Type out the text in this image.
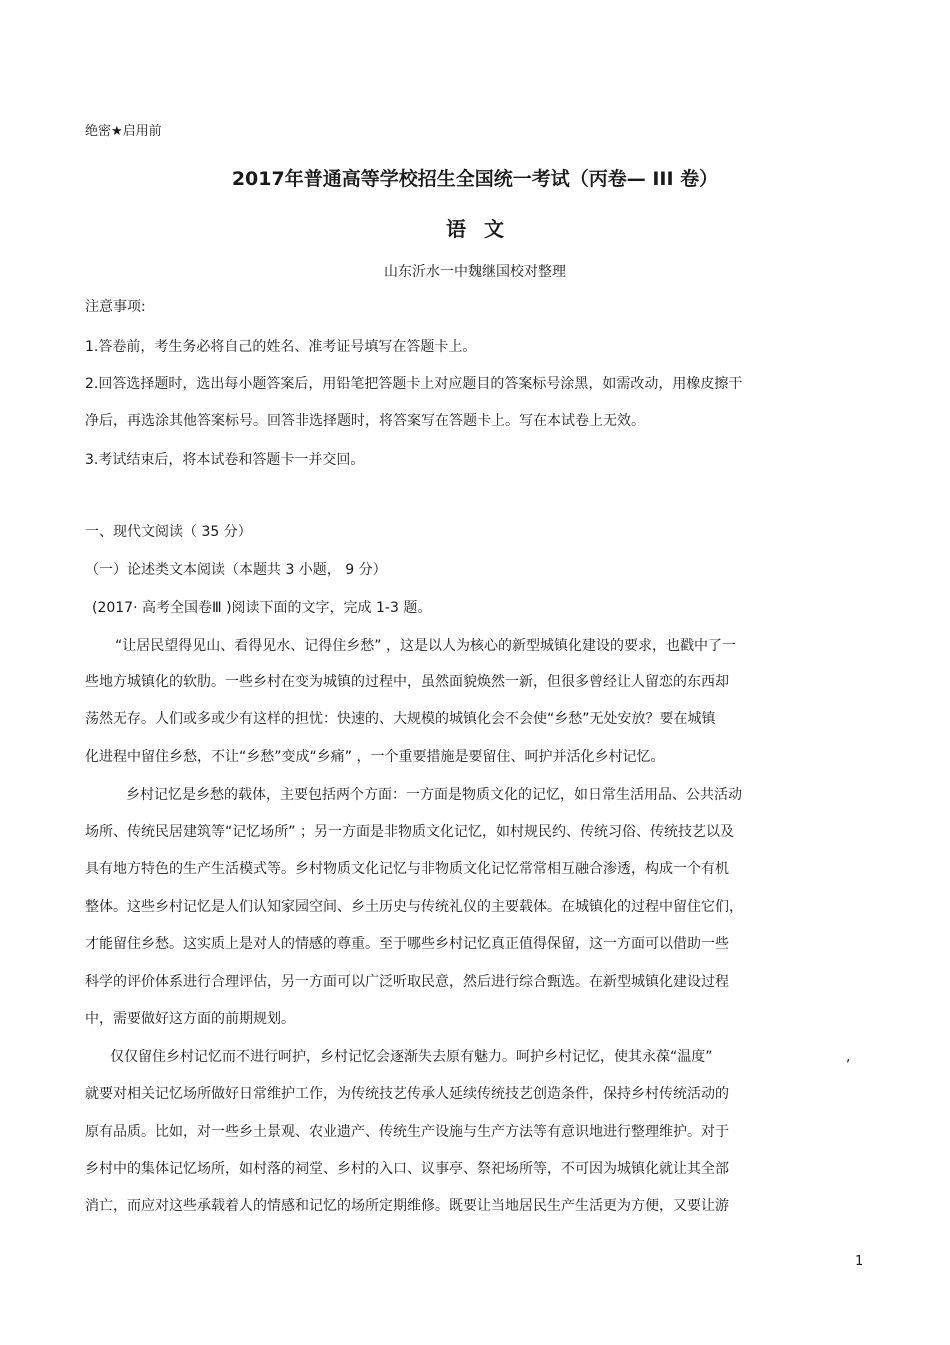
绝密★启用前

2017年普通高等学校招生全国统一考试（丙卷— III 卷）
语文

山东沂水一中魏继国校对整理

注意事项:

1.答卷前，考生务必将自己的姓名、准考证号填写在答题卡上。

2.回答选择题时，选出每小题答案后，用铅笔把答题卡上对应题目的答案标号涂黑，如需改动，用橡皮擦干

净后，再选涂其他答案标号。回答非选择题时，将答案写在答题卡上。写在本试卷上无效。

3.考试结束后，将本试卷和答题卡一并交回。

一、现代文阅读（ 35 分）

（一）论述类文本阅读（本题共 3 小题， 9 分）

(2017· 高考全国卷Ⅲ )阅读下面的文字，完成 1-3 题。

“让居民望得见山、看得见水、记得住乡愁” ，这是以人为核心的新型城镇化建设的要求，也戳中了一

些地方城镇化的软肋。一些乡村在变为城镇的过程中，虽然面貌焕然一新，但很多曾经让人留恋的东西却

荡然无存。人们或多或少有这样的担忧：快速的、大规模的城镇化会不会使“乡愁”无处安放？要在城镇

化进程中留住乡愁，不让“乡愁”变成“乡痛” ，一个重要措施是要留住、呵护并活化乡村记忆。

乡村记忆是乡愁的载体，主要包括两个方面：一方面是物质文化的记忆，如日常生活用品、公共活动

场所、传统民居建筑等“记忆场所” ；另一方面是非物质文化记忆，如村规民约、传统习俗、传统技艺以及

具有地方特色的生产生活模式等。乡村物质文化记忆与非物质文化记忆常常相互融合渗透，构成一个有机

整体。这些乡村记忆是人们认知家园空间、乡土历史与传统礼仪的主要载体。在城镇化的过程中留住它们，

才能留住乡愁。这实质上是对人的情感的尊重。至于哪些乡村记忆真正值得保留，这一方面可以借助一些

科学的评价体系进行合理评估，另一方面可以广泛听取民意，然后进行综合甄选。在新型城镇化建设过程

中，需要做好这方面的前期规划。

仅仅留住乡村记忆而不进行呵护，乡村记忆会逐渐失去原有魅力。呵护乡村记忆，使其永葆“温度”	,

就要对相关记忆场所做好日常维护工作，为传统技艺传承人延续传统技艺创造条件，保持乡村传统活动的

原有品质。比如，对一些乡土景观、农业遗产、传统生产设施与生产方法等有意识地进行整理维护。对于

乡村中的集体记忆场所，如村落的祠堂、乡村的入口、议事亭、祭祀场所等，不可因为城镇化就让其全部

消亡，而应对这些承载着人的情感和记忆的场所定期维修。既要让当地居民生产生活更为方便，又要让游

1
